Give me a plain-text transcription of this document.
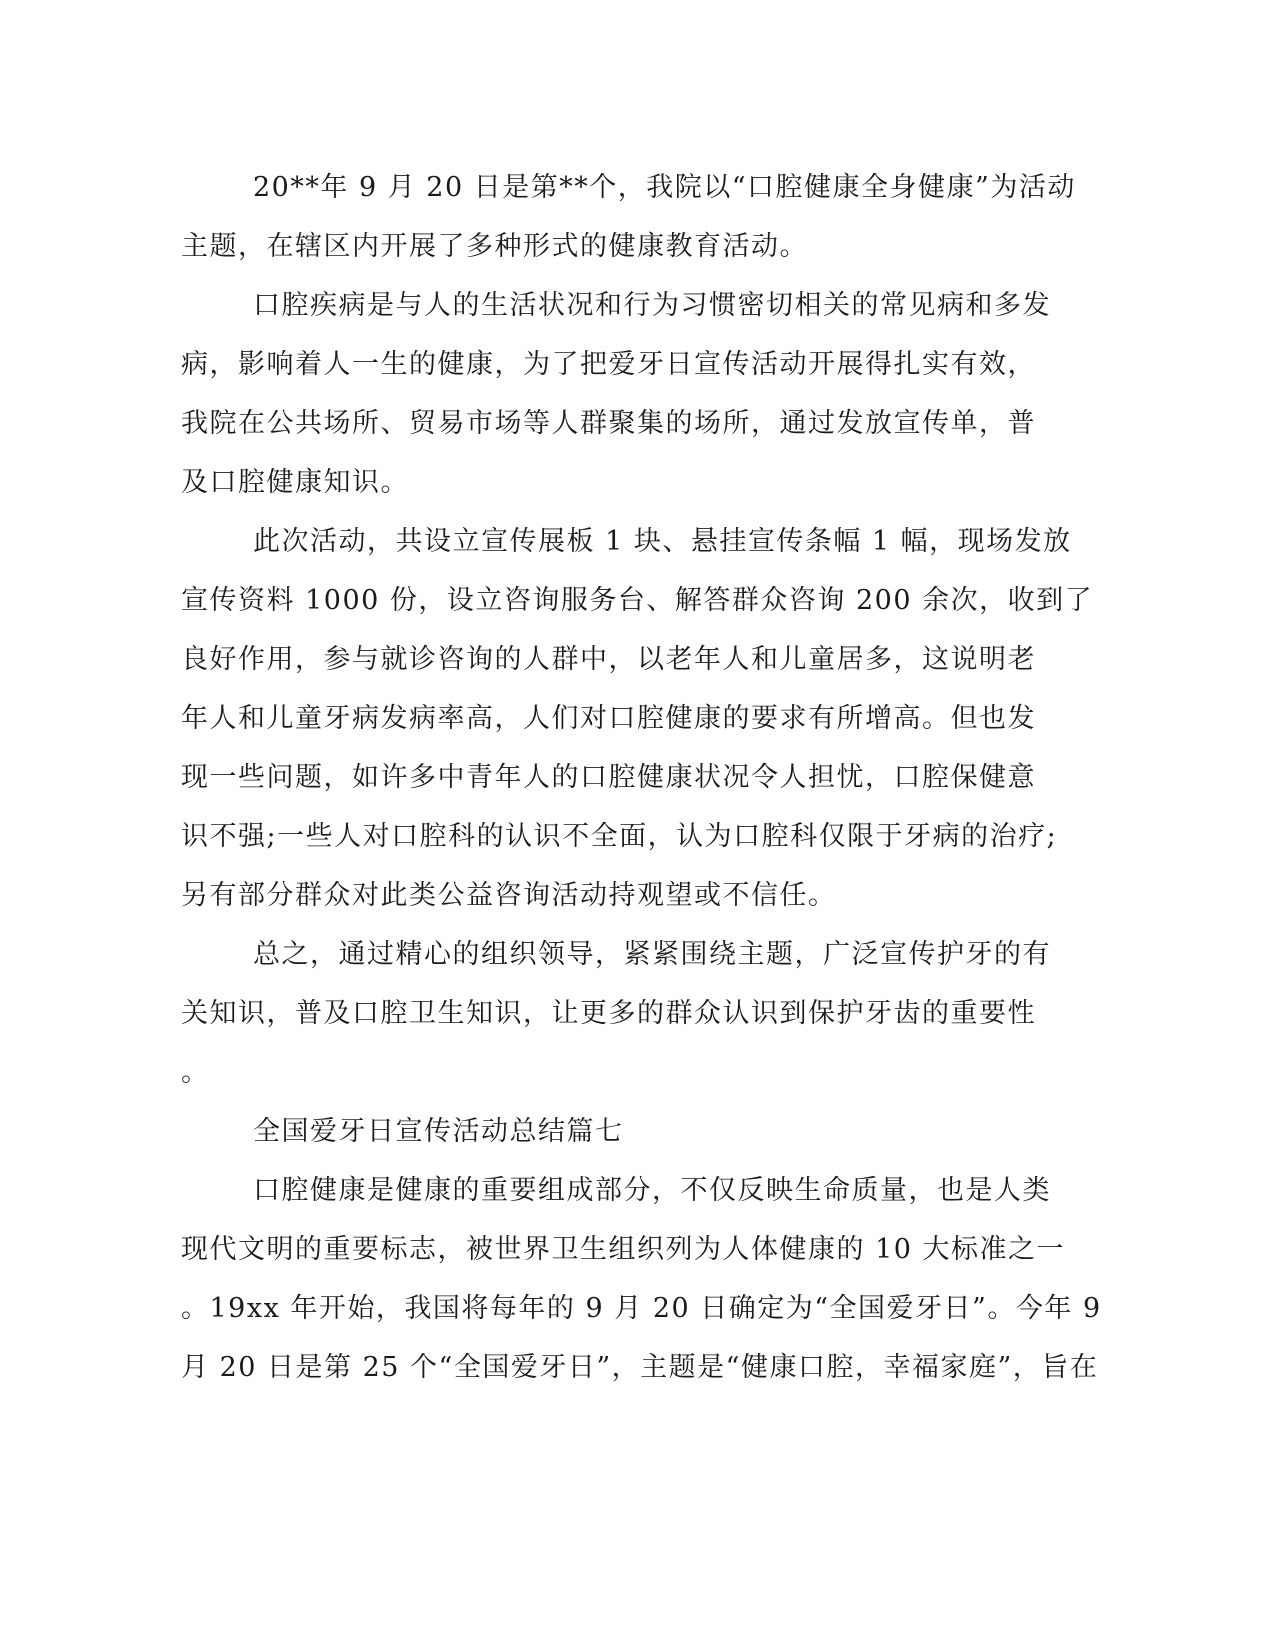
20**年 9 月 20 日是第**个，我院以“口腔健康全身健康”为活动
主题，在辖区内开展了多种形式的健康教育活动。
口腔疾病是与人的生活状况和行为习惯密切相关的常见病和多发
病，影响着人一生的健康，为了把爱牙日宣传活动开展得扎实有效，
我院在公共场所、贸易市场等人群聚集的场所，通过发放宣传单，普
及口腔健康知识。
此次活动，共设立宣传展板 1 块、悬挂宣传条幅 1 幅，现场发放
宣传资料 1000 份，设立咨询服务台、解答群众咨询 200 余次，收到了
良好作用，参与就诊咨询的人群中，以老年人和儿童居多，这说明老
年人和儿童牙病发病率高，人们对口腔健康的要求有所增高。但也发
现一些问题，如许多中青年人的口腔健康状况令人担忧，口腔保健意
识不强;一些人对口腔科的认识不全面，认为口腔科仅限于牙病的治疗;
另有部分群众对此类公益咨询活动持观望或不信任。
总之，通过精心的组织领导，紧紧围绕主题，广泛宣传护牙的有
关知识，普及口腔卫生知识，让更多的群众认识到保护牙齿的重要性
。
全国爱牙日宣传活动总结篇七
口腔健康是健康的重要组成部分，不仅反映生命质量，也是人类
现代文明的重要标志，被世界卫生组织列为人体健康的 10 大标准之一
。19xx 年开始，我国将每年的 9 月 20 日确定为“全国爱牙日”。今年 9
月 20 日是第 25 个“全国爱牙日”，主题是“健康口腔，幸福家庭”，旨在
